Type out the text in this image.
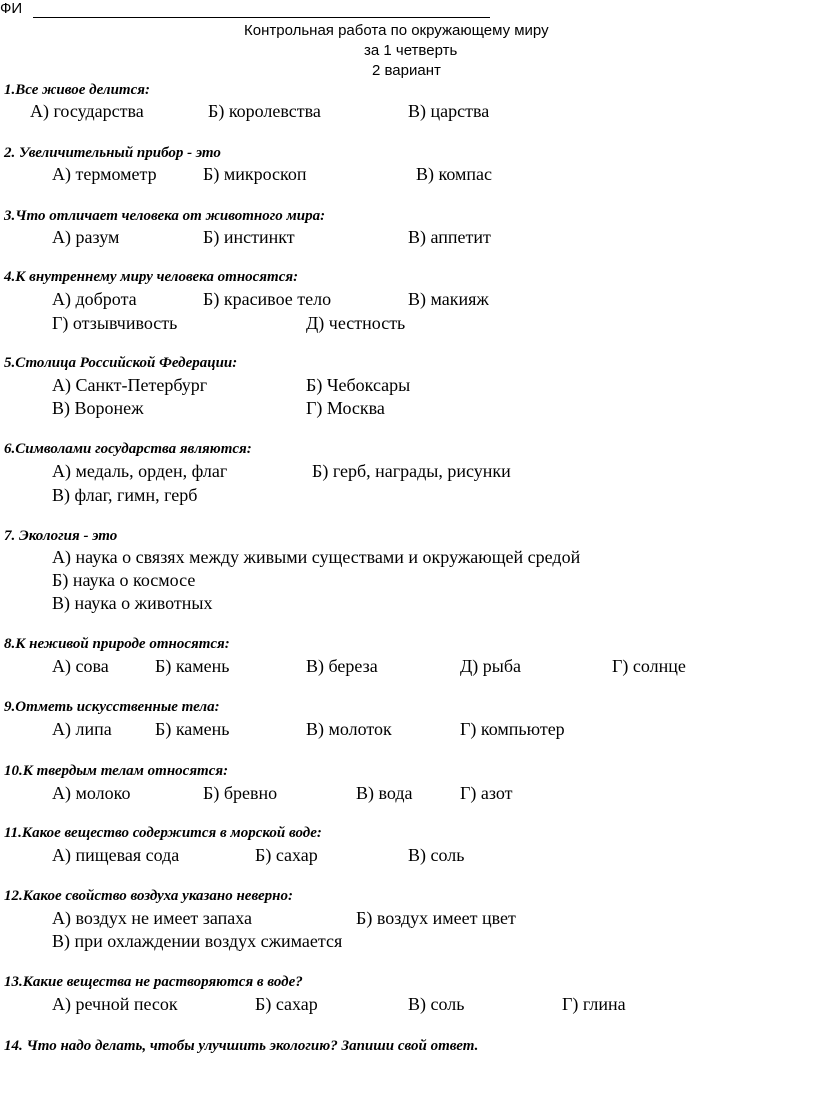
ФИ
Контрольная работа по окружающему миру
за 1 четверть
2 вариант
1.Все живое делится:
А) государства	Б) королевства	В) царства
2. Увеличительный прибор - это
А) термометр	Б) микроскоп	В) компас
3.Что отличает человека от животного мира:
А) разум	Б) инстинкт	В) аппетит
4.К внутреннему миру человека относятся:
А) доброта	Б) красивое тело	В) макияж
Г) отзывчивость	Д) честность
5.Столица Российской Федерации:
А) Санкт-Петербург	Б) Чебоксары
В) Воронеж	Г) Москва
6.Символами государства являются:
А) медаль, орден, флаг	Б) герб, награды, рисунки
В) флаг, гимн, герб
7. Экология - это
А) наука о связях между живыми существами и окружающей средой
Б) наука о космосе
В) наука о животных
8.К неживой природе относятся:
А) сова	Б) камень	В) береза	Д) рыба	Г) солнце
9.Отметь искусственные тела:
А) липа Б) камень	В) молоток	Г) компьютер
10.К твердым телам относятся:
А) молоко	Б) бревно	В) вода	Г) азот
11.Какое вещество содержится в морской воде:
А) пищевая сода	Б) сахар	В) соль
12.Какое свойство воздуха указано неверно:
А) воздух не имеет запаха	Б) воздух имеет цвет
В) при охлаждении воздух сжимается
13.Какие вещества не растворяются в воде?
А) речной песок	Б) сахар	В) соль	Г) глина
14. Что надо делать, чтобы улучшить экологию? Запиши свой ответ.
